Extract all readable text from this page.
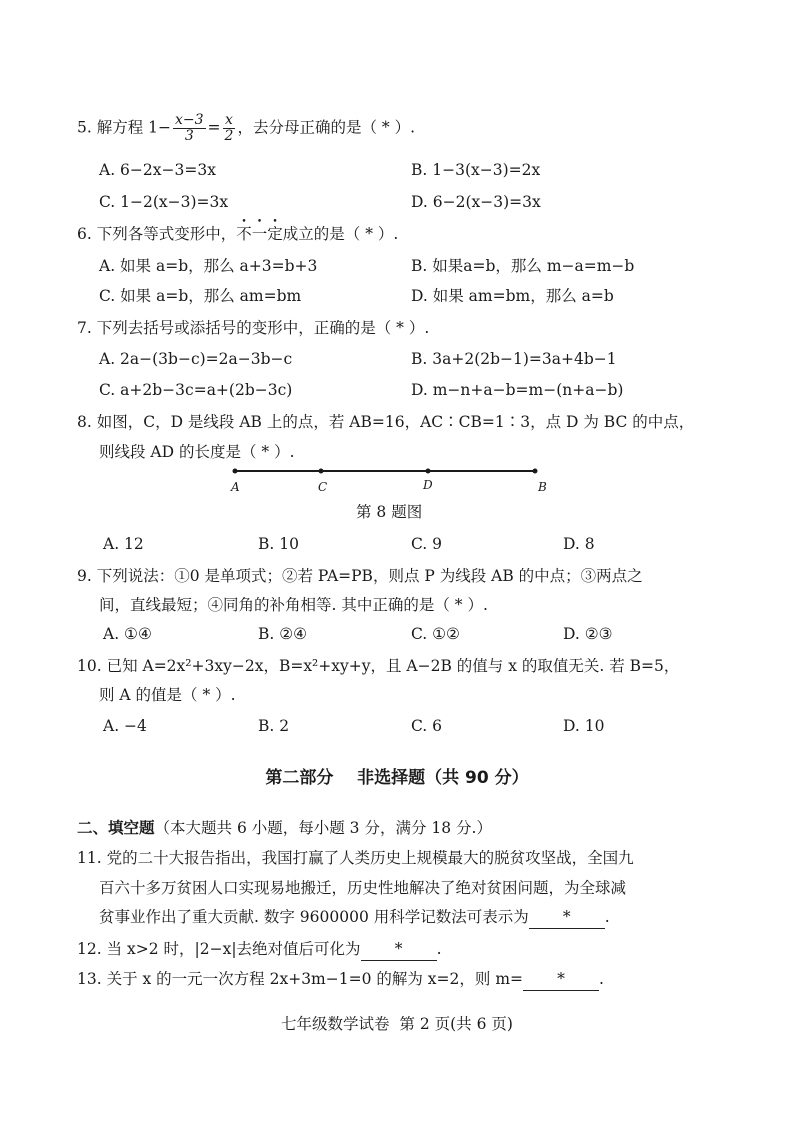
5. 解方程 $1- \frac{x-3}{3} = \frac{x}{2}$ ，去分母正确的是（ * ）.
A. 6−2x−3=3x	B. 1−3(x−3)=2x
C. 1−2(x−3)=3x	D. 6−2(x−3)=3x
6. 下列各等式变形中，不一定成立的是（ * ）.
A. 如果 a=b，那么 a+3=b+3	B. 如果a=b，那么 m−a=m−b
C. 如果 a=b，那么 am=bm	D. 如果 am=bm，那么 a=b
7. 下列去括号或添括号的变形中，正确的是（ * ）.
A. 2a−(3b−c)=2a−3b−c	B. 3a+2(2b−1)=3a+4b−1
C. a+2b−3c=a+(2b−3c)	D. m−n+a−b=m−(n+a−b)
8. 如图，C，D 是线段 AB 上的点，若 AB=16，AC∶CB=1∶3，点 D 为 BC 的中点，
则线段 AD 的长度是（ * ）.
A	C	D	B
第 8 题图
A. 12	B. 10	C. 9	D. 8
9. 下列说法：①0 是单项式；②若 PA=PB，则点 P 为线段 AB 的中点；③两点之
间，直线最短；④同角的补角相等. 其中正确的是（ * ）.
A. ①④	B. ②④	C. ①②	D. ②③
10. 已知 A=2x²+3xy−2x，B=x²+xy+y，且 A−2B 的值与 x 的取值无关. 若 B=5，
则 A 的值是（ * ）.
A. −4	B. 2	C. 6	D. 10
第二部分    非选择题（共 90 分）
二、填空题（本大题共 6 小题，每小题 3 分，满分 18 分.）
11. 党的二十大报告指出，我国打赢了人类历史上规模最大的脱贫攻坚战，全国九
百六十多万贫困人口实现易地搬迁，历史性地解决了绝对贫困问题，为全球减
贫事业作出了重大贡献. 数字 9600000 用科学记数法可表示为 * .
12. 当 x>2 时，|2−x|去绝对值后可化为 * .
13. 关于 x 的一元一次方程 2x+3m−1=0 的解为 x=2，则 m= * .
七年级数学试卷  第 2 页(共 6 页)
